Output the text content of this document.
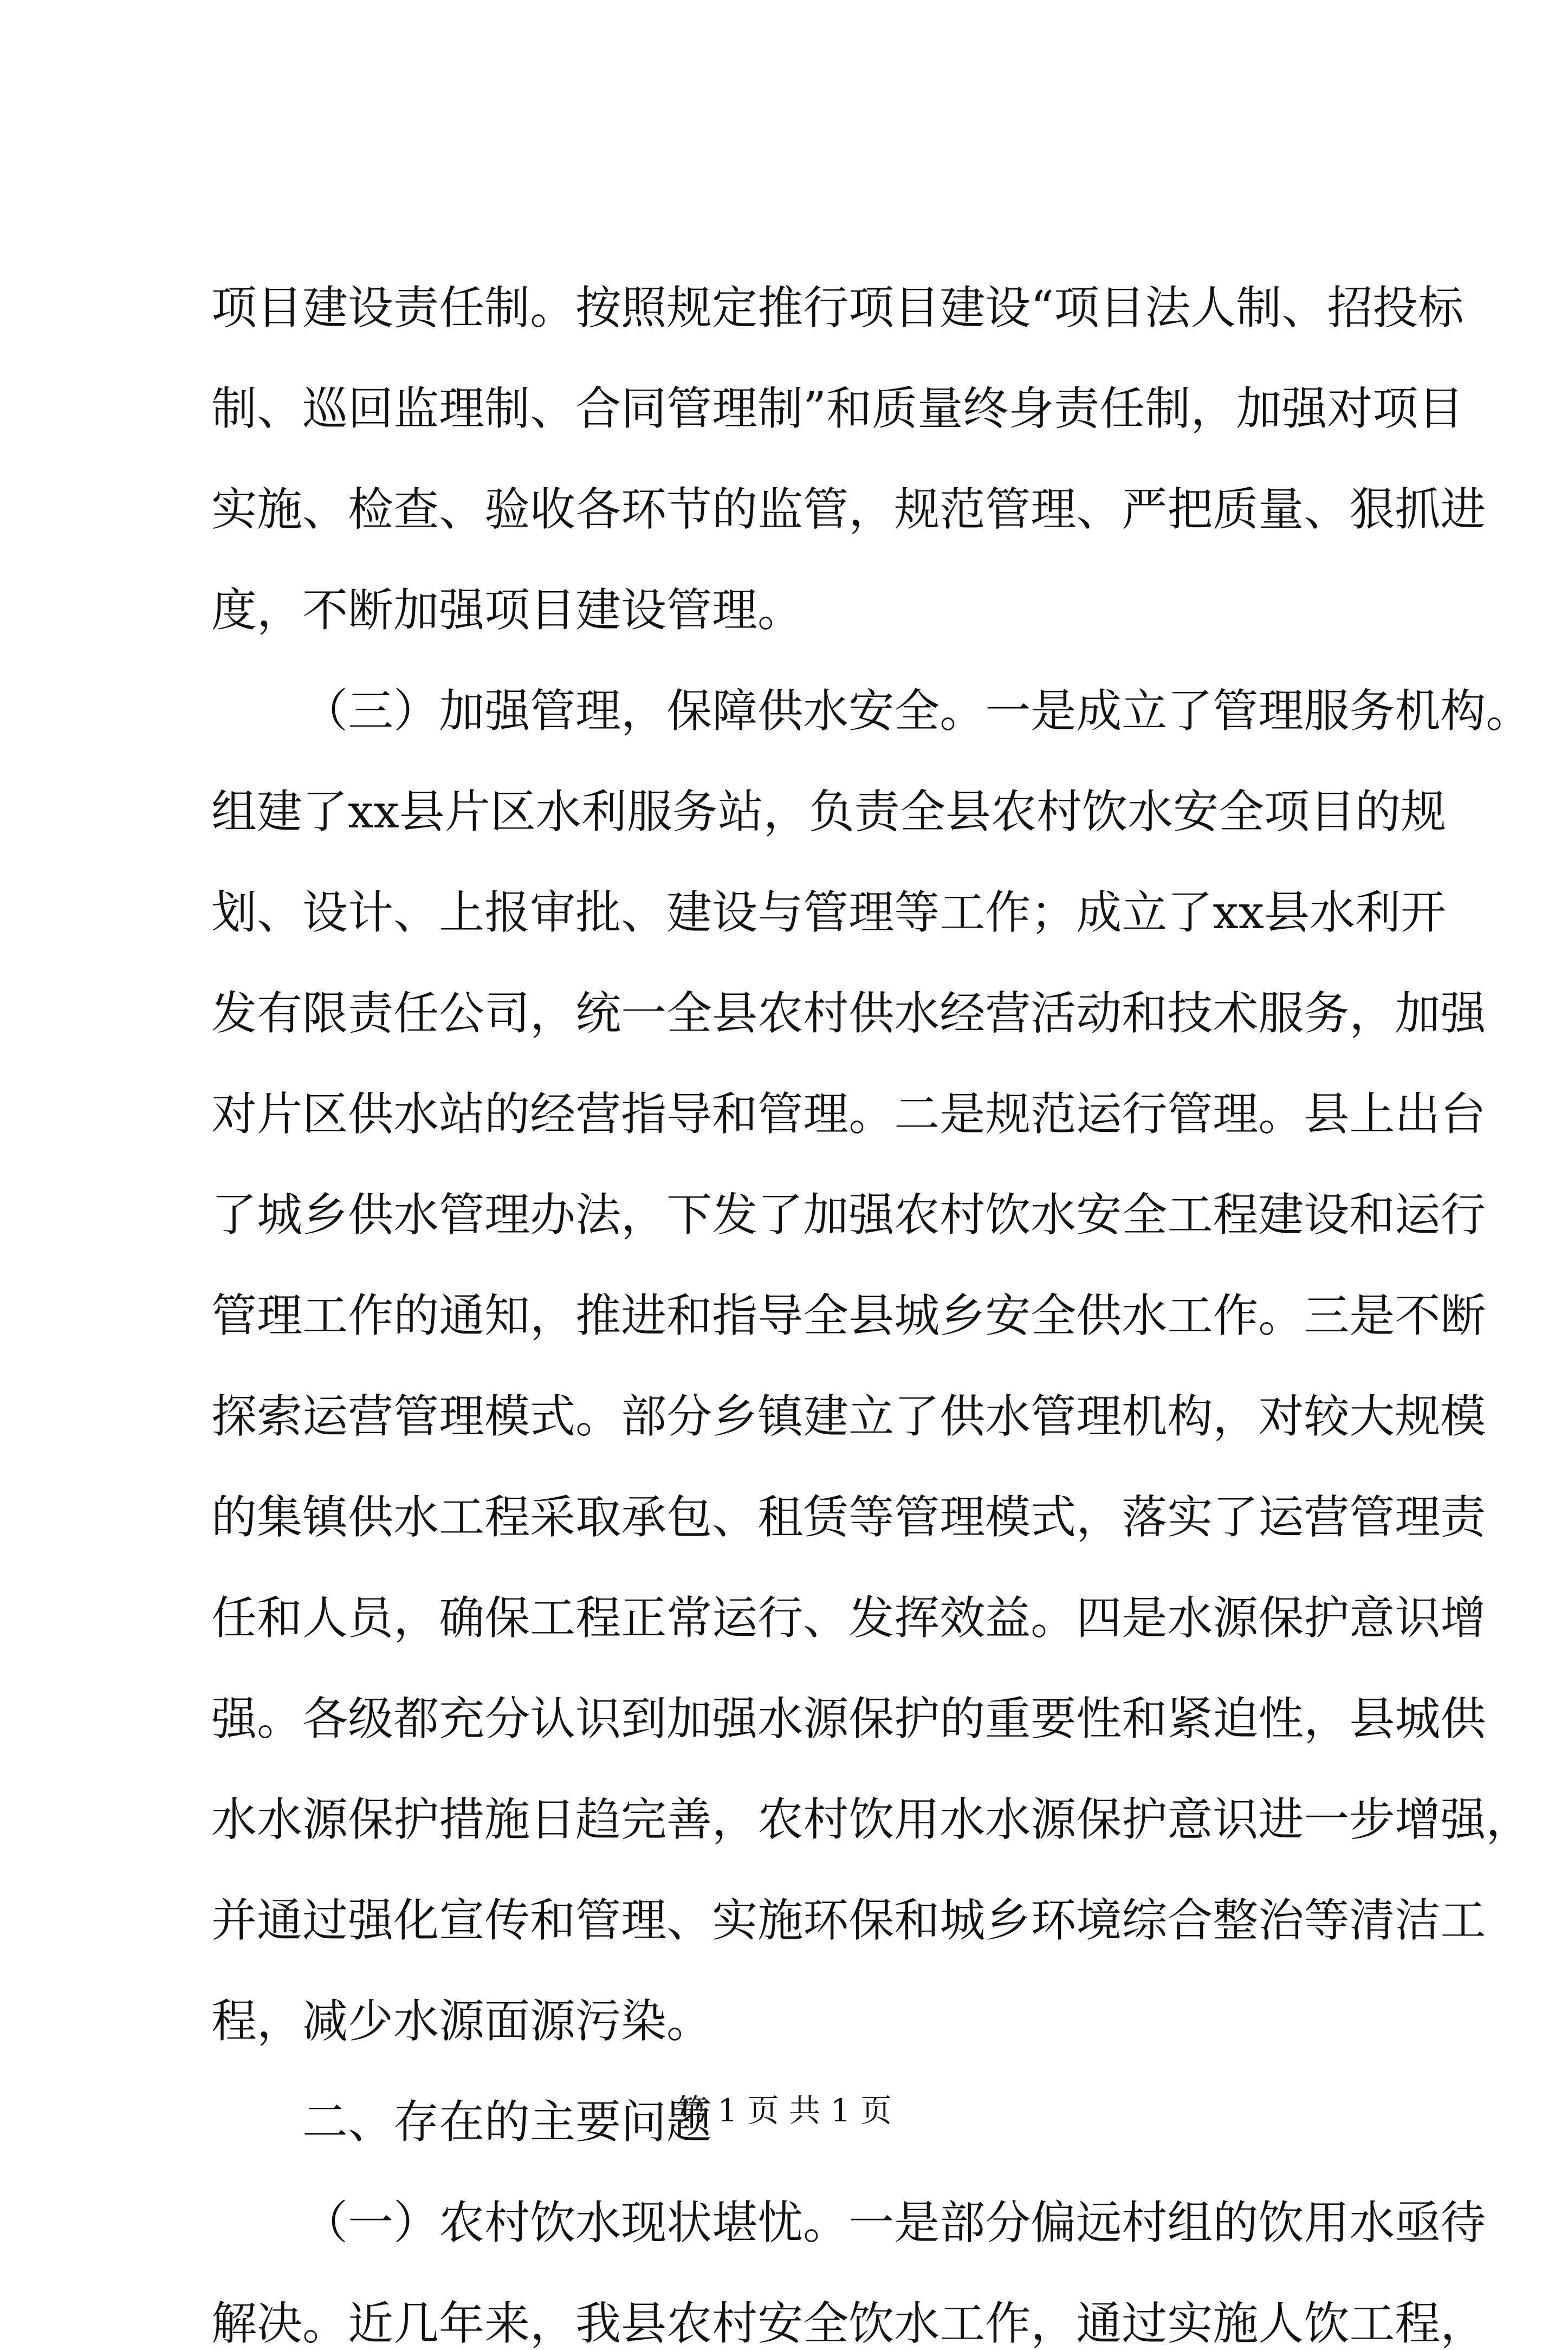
项 目 建 设 责 任 制 。 按 照 规 定 推 行 项 目 建 设 “ 项 目 法 人 制 、 招 投 标

制 、 巡 回 监 理 制 、 合 同 管 理 制 ” 和 质 量 终 身 责 任 制 ， 加 强 对 项 目

实 施 、 检 查 、 验 收 各 环 节 的 监 管 ， 规 范 管 理 、 严 把 质 量 、 狠 抓 进

度，不断加强项目建设管理。

（ 三 ） 加 强 管 理 ， 保 障 供 水 安 全 。 一 是 成 立 了 管 理 服 务 机 构 。

组 建 了 xx 县 片 区 水 利 服 务 站 ， 负 责 全 县 农 村 饮 水 安 全 项 目 的 规

划 、 设 计 、 上 报 审 批 、 建 设 与 管 理 等 工 作 ； 成 立 了 xx 县 水 利 开

发 有 限 责 任 公 司 ， 统 一 全 县 农 村 供 水 经 营 活 动 和 技 术 服 务 ， 加 强

对 片 区 供 水 站 的 经 营 指 导 和 管 理 。 二 是 规 范 运 行 管 理 。 县 上 出 台

了 城 乡 供 水 管 理 办 法 ， 下 发 了 加 强 农 村 饮 水 安 全 工 程 建 设 和 运 行

管 理 工 作 的 通 知 ， 推 进 和 指 导 全 县 城 乡 安 全 供 水 工 作 。 三 是 不 断

探 索 运 营 管 理 模 式 。 部 分 乡 镇 建 立 了 供 水 管 理 机 构 ， 对 较 大 规 模

的 集 镇 供 水 工 程 采 取 承 包 、 租 赁 等 管 理 模 式 ， 落 实 了 运 营 管 理 责

任 和 人 员 ， 确 保 工 程 正 常 运 行 、 发 挥 效 益 。 四 是 水 源 保 护 意 识 增

强 。 各 级 都 充 分 认 识 到 加 强 水 源 保 护 的 重 要 性 和 紧 迫 性 ， 县 城 供

水 水 源 保 护 措 施 日 趋 完 善 ， 农 村 饮 用 水 水 源 保 护 意 识 进 一 步 增 强 ，

并 通 过 强 化 宣 传 和 管 理 、 实 施 环 保 和 城 乡 环 境 综 合 整 治 等 清 洁 工

程，减少水源面源污染。

二、存在的主要问题

（ 一 ） 农 村 饮 水 现 状 堪 忧 。 一 是 部 分 偏 远 村 组 的 饮 用 水 亟 待

解 决 。 近 几 年 来 ， 我 县 农 村 安 全 饮 水 工 作 ， 通 过 实 施 人 饮 工 程 ，

第 1 页 共 1 页
